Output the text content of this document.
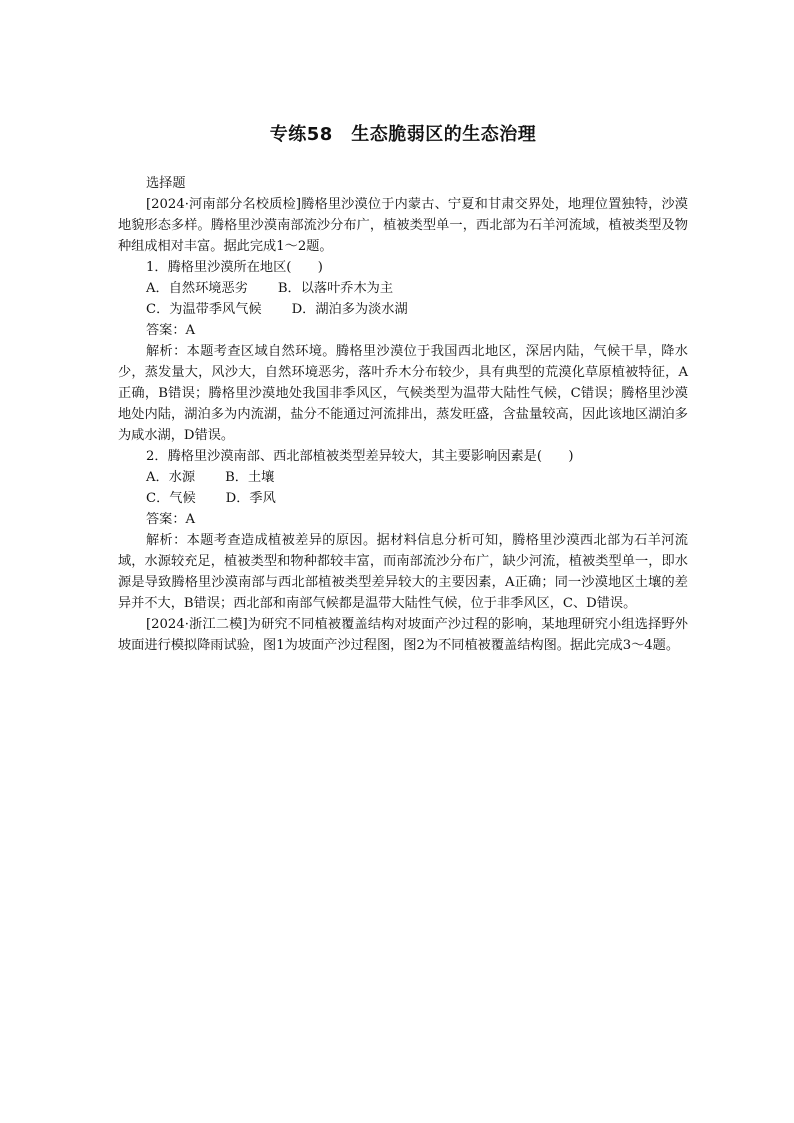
专练58　生态脆弱区的生态治理

选择题

[2024·河南部分名校质检]腾格里沙漠位于内蒙古、宁夏和甘肃交界处，地理位置独特，沙漠地貌形态多样。腾格里沙漠南部流沙分布广，植被类型单一，西北部为石羊河流域，植被类型及物种组成相对丰富。据此完成1～2题。

1．腾格里沙漠所在地区(　　)

A．自然环境恶劣 B．以落叶乔木为主

C．为温带季风气候 D．湖泊多为淡水湖

答案：A

解析：本题考查区域自然环境。腾格里沙漠位于我国西北地区，深居内陆，气候干旱，降水少，蒸发量大，风沙大，自然环境恶劣，落叶乔木分布较少，具有典型的荒漠化草原植被特征，A正确，B错误；腾格里沙漠地处我国非季风区，气候类型为温带大陆性气候，C错误；腾格里沙漠地处内陆，湖泊多为内流湖，盐分不能通过河流排出，蒸发旺盛，含盐量较高，因此该地区湖泊多为咸水湖，D错误。

2．腾格里沙漠南部、西北部植被类型差异较大，其主要影响因素是(　　)

A．水源 B．土壤

C．气候 D．季风

答案：A

解析：本题考查造成植被差异的原因。据材料信息分析可知，腾格里沙漠西北部为石羊河流域，水源较充足，植被类型和物种都较丰富，而南部流沙分布广，缺少河流，植被类型单一，即水源是导致腾格里沙漠南部与西北部植被类型差异较大的主要因素，A正确；同一沙漠地区土壤的差异并不大，B错误；西北部和南部气候都是温带大陆性气候，位于非季风区，C、D错误。

[2024·浙江二模]为研究不同植被覆盖结构对坡面产沙过程的影响，某地理研究小组选择野外坡面进行模拟降雨试验，图1为坡面产沙过程图，图2为不同植被覆盖结构图。据此完成3～4题。
